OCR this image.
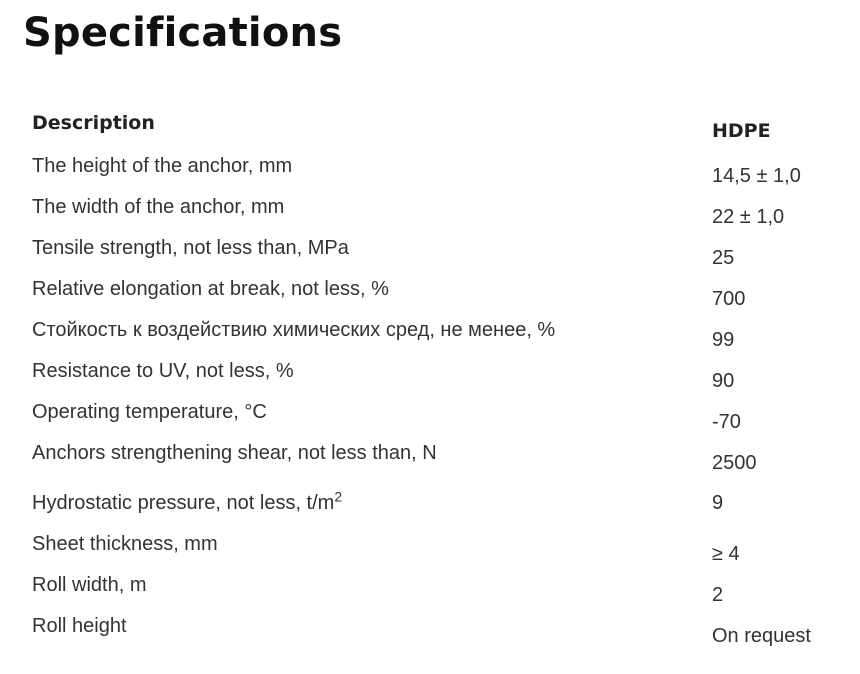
Specifications
Description	HDPE
The height of the anchor, mm	14,5 ± 1,0
The width of the anchor, mm	22 ± 1,0
Tensile strength, not less than, MPa	25
Relative elongation at break, not less, %	700
Стойкость к воздействию химических сред, не менее, %	99
Resistance to UV, not less, %	90
Operating temperature, °C	-70
Anchors strengthening shear, not less than, N	2500
Hydrostatic pressure, not less, $t/m^2$	9
Sheet thickness, mm	≥ 4
Roll width, m	2
Roll height	On request
